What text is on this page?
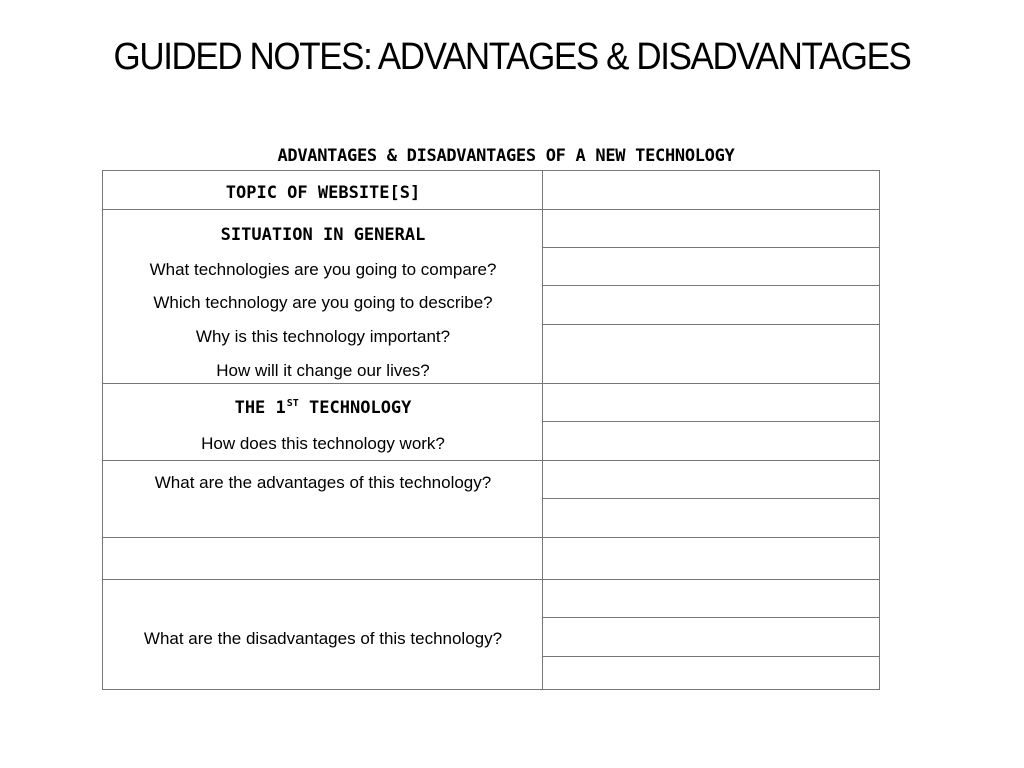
GUIDED NOTES: ADVANTAGES & DISADVANTAGES
ADVANTAGES & DISADVANTAGES OF A NEW TECHNOLOGY
TOPIC OF WEBSITE[S]
SITUATION IN GENERAL
What technologies are you going to compare?
Which technology are you going to describe?
Why is this technology important?
How will it change our lives?
THE 1ST TECHNOLOGY
How does this technology work?
What are the advantages of this technology?
What are the disadvantages of this technology?
